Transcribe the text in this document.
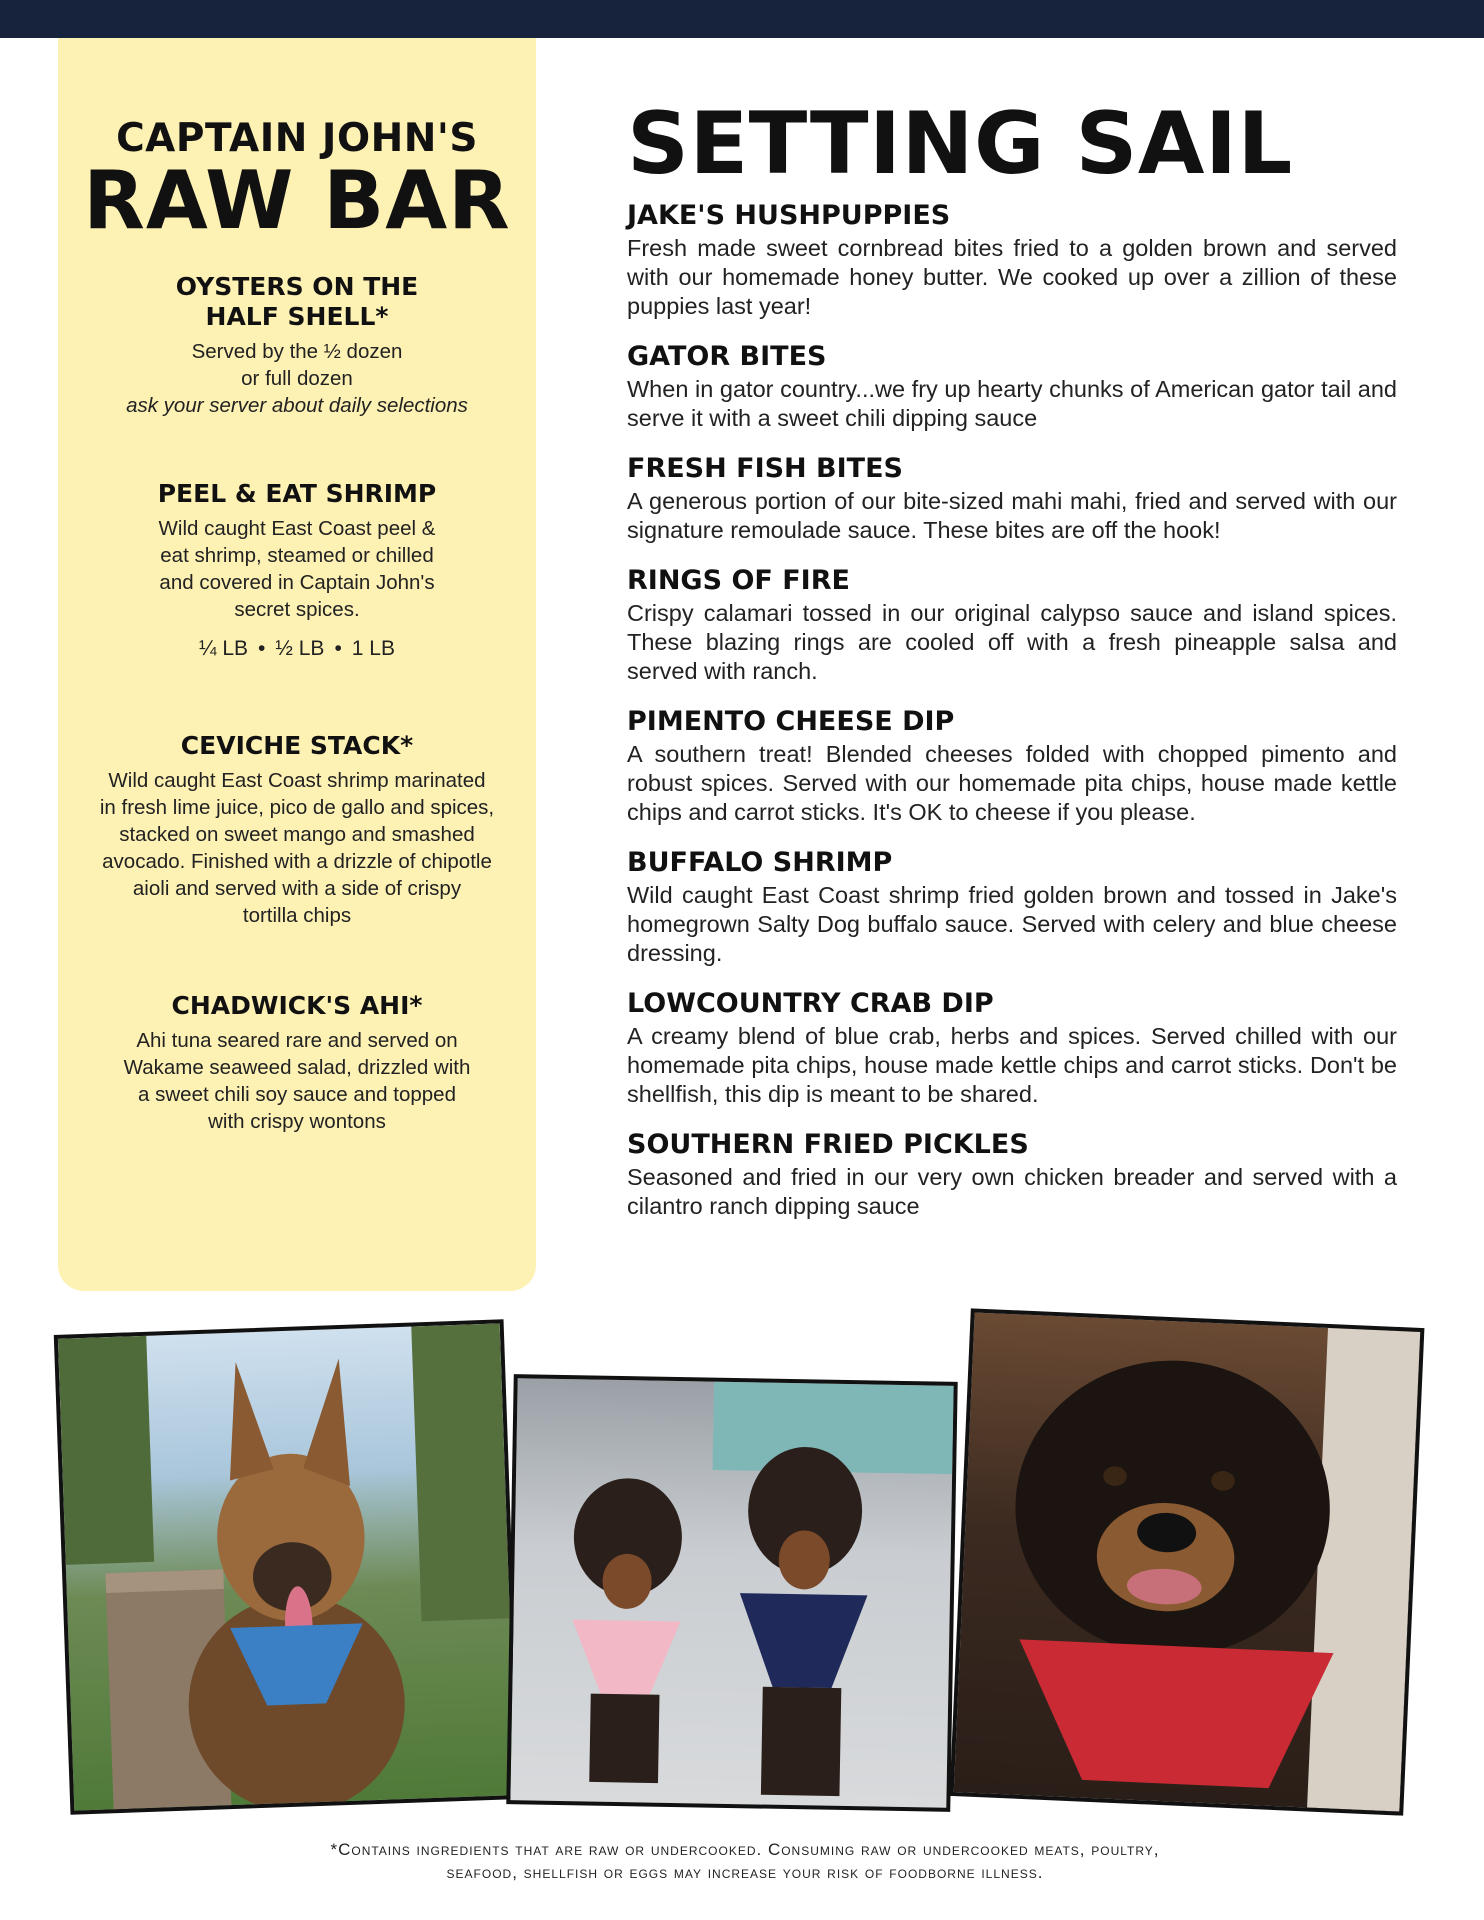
CAPTAIN JOHN'S
RAW BAR
OYSTERS ON THE
HALF SHELL*

Served by the ½ dozen
or full dozen
ask your server about daily selections

PEEL & EAT SHRIMP

Wild caught East Coast peel &
eat shrimp, steamed or chilled
and covered in Captain John's
secret spices.

¼ LB • ½ LB • 1 LB
CEVICHE STACK*

Wild caught East Coast shrimp marinated
in fresh lime juice, pico de gallo and spices,
stacked on sweet mango and smashed
avocado. Finished with a drizzle of chipotle
aioli and served with a side of crispy
tortilla chips

CHADWICK'S AHI*

Ahi tuna seared rare and served on
Wakame seaweed salad, drizzled with
a sweet chili soy sauce and topped
with crispy wontons

SETTING SAIL
JAKE'S HUSHPUPPIES

Fresh made sweet cornbread bites fried to a golden brown and served with our homemade honey butter. We cooked up over a zillion of these puppies last year!

GATOR BITES

When in gator country...we fry up hearty chunks of American gator tail and serve it with a sweet chili dipping sauce

FRESH FISH BITES

A generous portion of our bite-sized mahi mahi, fried and served with our signature remoulade sauce. These bites are off the hook!

RINGS OF FIRE

Crispy calamari tossed in our original calypso sauce and island spices. These blazing rings are cooled off with a fresh pineapple salsa and served with ranch.

PIMENTO CHEESE DIP

A southern treat! Blended cheeses folded with chopped pimento and robust spices. Served with our homemade pita chips, house made kettle chips and carrot sticks. It's OK to cheese if you please.

BUFFALO SHRIMP

Wild caught East Coast shrimp fried golden brown and tossed in Jake's homegrown Salty Dog buffalo sauce. Served with celery and blue cheese dressing.

LOWCOUNTRY CRAB DIP

A creamy blend of blue crab, herbs and spices. Served chilled with our homemade pita chips, house made kettle chips and carrot sticks. Don't be shellfish, this dip is meant to be shared.

SOUTHERN FRIED PICKLES

Seasoned and fried in our very own chicken breader and served with a cilantro ranch dipping sauce

*Contains ingredients that are raw or undercooked. Consuming raw or undercooked meats, poultry,
seafood, shellfish or eggs may increase your risk of foodborne illness.
